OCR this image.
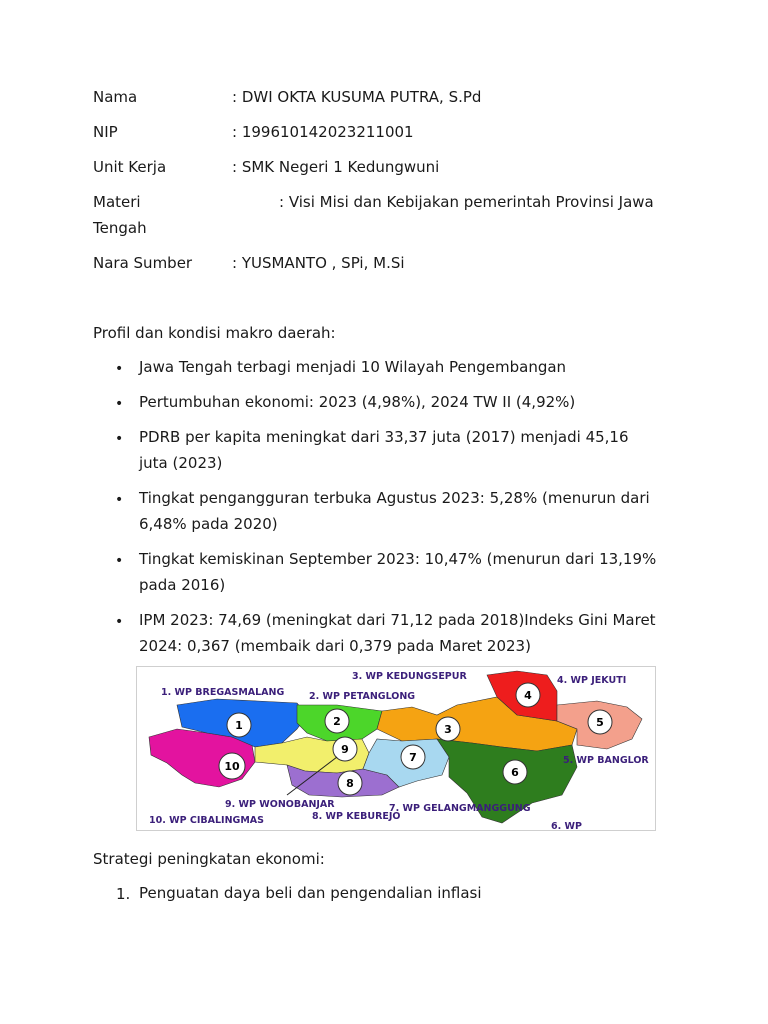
Nama	: DWI OKTA KUSUMA PUTRA, S.Pd
NIP	: 199610142023211001
Unit Kerja	: SMK Negeri 1 Kedungwuni
Materi	: Visi Misi dan Kebijakan pemerintah Provinsi Jawa
Tengah
Nara Sumber	: YUSMANTO , SPi, M.Si
Profil dan kondisi makro daerah:
• Jawa Tengah terbagi menjadi 10 Wilayah Pengembangan
• Pertumbuhan ekonomi: 2023 (4,98%), 2024 TW II (4,92%)
• PDRB per kapita meningkat dari 33,37 juta (2017) menjadi 45,16 juta (2023)
• Tingkat pengangguran terbuka Agustus 2023: 5,28% (menurun dari 6,48% pada 2020)
• Tingkat kemiskinan September 2023: 10,47% (menurun dari 13,19% pada 2016)
• IPM 2023: 74,69 (meningkat dari 71,12 pada 2018)Indeks Gini Maret 2024: 0,367 (membaik dari 0,379 pada Maret 2023)
1	2
3
4
5
6
7
8
9
10
1. WP BREGASMALANG	2. WP PETANGLONG
3. WP KEDUNGSEPUR	4. WP JEKUTI
5. WP BANGLOR
6. WP
7. WP GELANGMANGGUNG
8. WP KEBUREJO
9. WP WONOBANJAR
10. WP CIBALINGMAS
Strategi peningkatan ekonomi:
1. Penguatan daya beli dan pengendalian inflasi
